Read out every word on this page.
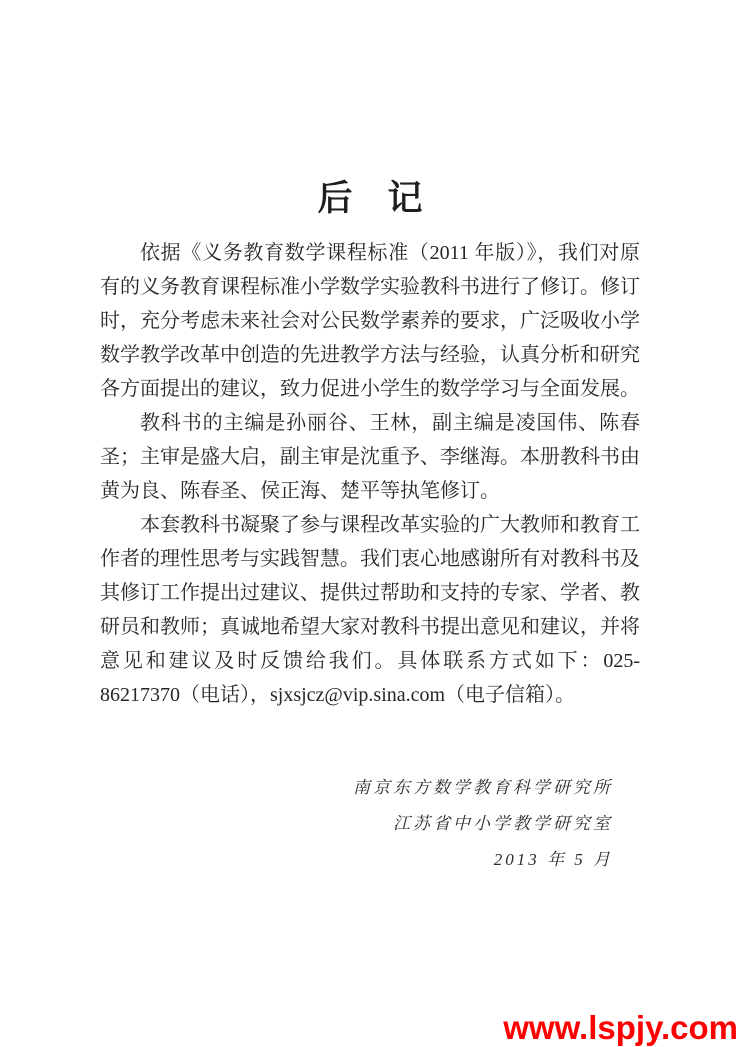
后　记

依据《义务教育数学课程标准（2011 年版）》，我们对原有的义务教育课程标准小学数学实验教科书进行了修订。修订时，充分考虑未来社会对公民数学素养的要求，广泛吸收小学数学教学改革中创造的先进教学方法与经验，认真分析和研究各方面提出的建议，致力促进小学生的数学学习与全面发展。

教科书的主编是孙丽谷、王林，副主编是凌国伟、陈春圣；主审是盛大启，副主审是沈重予、李继海。本册教科书由黄为良、陈春圣、侯正海、楚平等执笔修订。

本套教科书凝聚了参与课程改革实验的广大教师和教育工作者的理性思考与实践智慧。我们衷心地感谢所有对教科书及其修订工作提出过建议、提供过帮助和支持的专家、学者、教研员和教师；真诚地希望大家对教科书提出意见和建议，并将意见和建议及时反馈给我们。具体联系方式如下：025-86217370（电话），sjxsjcz@vip.sina.com（电子信箱）。

南京东方数学教育科学研究所
江苏省中小学教学研究室
2013 年 5 月
www.lspjy.com
